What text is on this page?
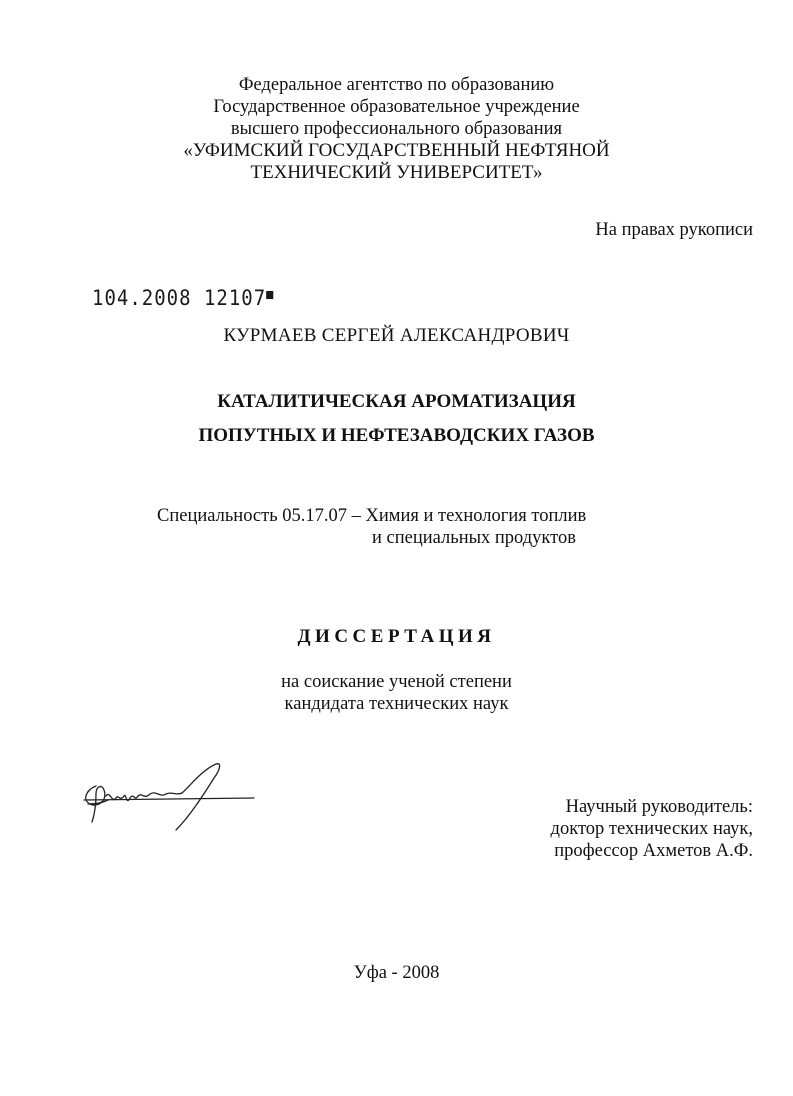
Федеральное агентство по образованию
Государственное образовательное учреждение
высшего профессионального образования
«УФИМСКИЙ ГОСУДАРСТВЕННЫЙ НЕФТЯНОЙ
ТЕХНИЧЕСКИЙ УНИВЕРСИТЕТ»
На правах рукописи
104.2008 12107■
КУРМАЕВ СЕРГЕЙ АЛЕКСАНДРОВИЧ
КАТАЛИТИЧЕСКАЯ АРОМАТИЗАЦИЯ
ПОПУТНЫХ И НЕФТЕЗАВОДСКИХ ГАЗОВ
Специальность 05.17.07 – Химия и технология топлив
и специальных продуктов
ДИССЕРТАЦИЯ
на соискание ученой степени
кандидата технических наук
Научный руководитель:
доктор технических наук,
профессор Ахметов А.Ф.
Уфа - 2008
